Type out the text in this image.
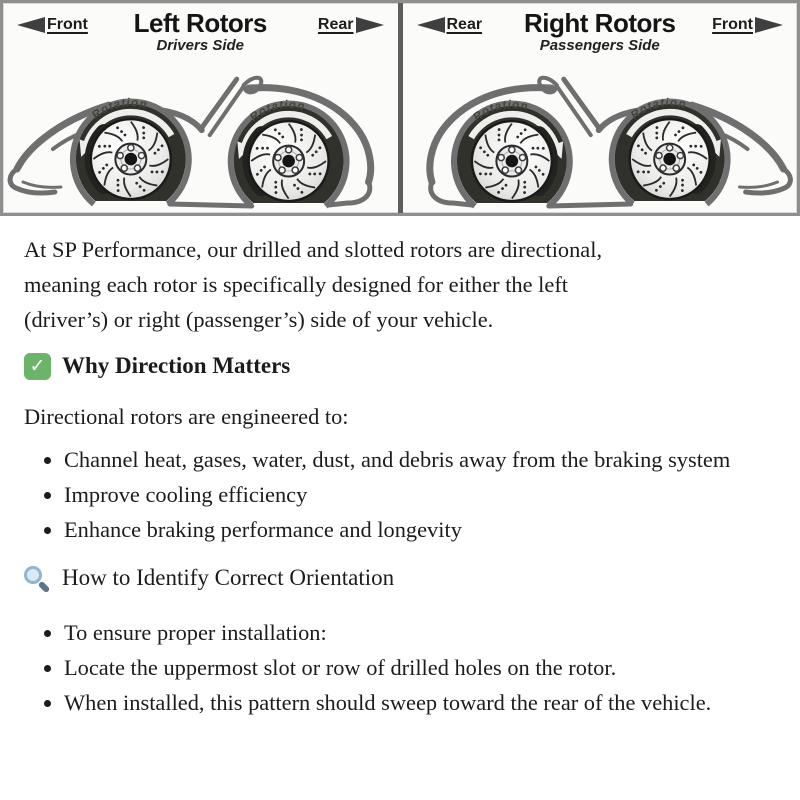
Front	Left Rotors
Drivers Side
Rear
Rotation
Rotation
Rear	Right Rotors
Passengers Side
Front
Rotation
Rotation

At SP Performance, our drilled and slotted rotors are directional,
meaning each rotor is specifically designed for either the left
(driver’s) or right (passenger’s) side of your vehicle.

✓ Why Direction Matters

Directional rotors are engineered to:

• Channel heat, gases, water, dust, and debris away from the braking system
• Improve cooling efficiency
• Enhance braking performance and longevity
How to Identify Correct Orientation
• To ensure proper installation:
• Locate the uppermost slot or row of drilled holes on the rotor.
• When installed, this pattern should sweep toward the rear of the vehicle.
